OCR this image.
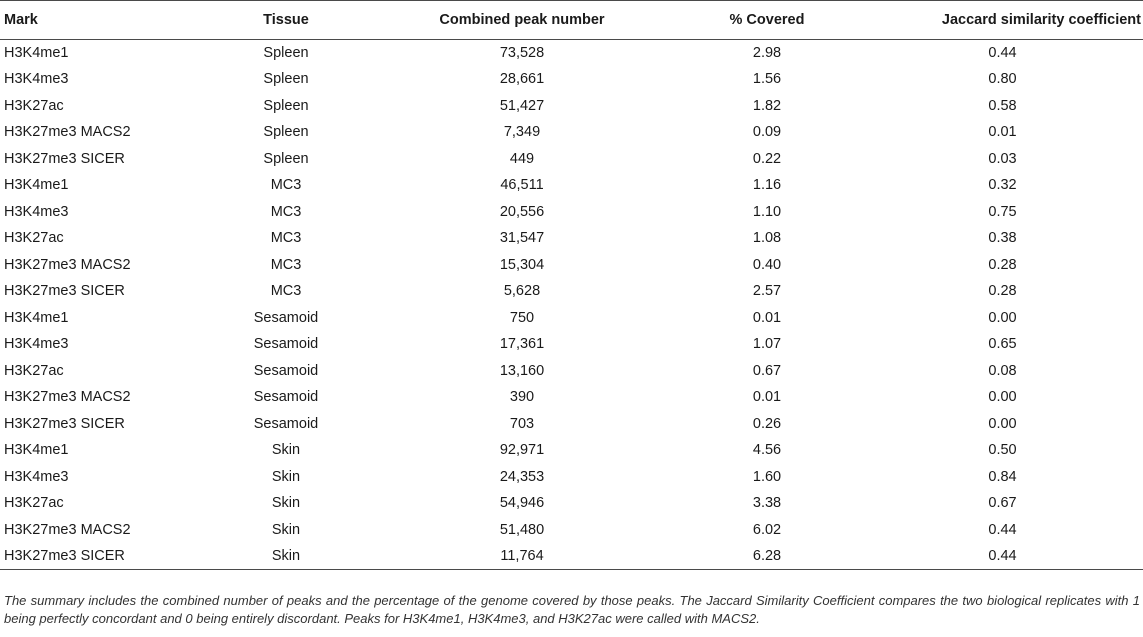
Mark	Tissue	Combined peak number	% Covered	Jaccard similarity coefficient
H3K4me1	Spleen	73,528	2.98	0.44
H3K4me3	Spleen	28,661	1.56	0.80
H3K27ac	Spleen	51,427	1.82	0.58
H3K27me3 MACS2	Spleen	7,349	0.09	0.01
H3K27me3 SICER	Spleen	449	0.22	0.03
H3K4me1	MC3	46,511	1.16	0.32
H3K4me3	MC3	20,556	1.10	0.75
H3K27ac	MC3	31,547	1.08	0.38
H3K27me3 MACS2	MC3	15,304	0.40	0.28
H3K27me3 SICER	MC3	5,628	2.57	0.28
H3K4me1	Sesamoid	750	0.01	0.00
H3K4me3	Sesamoid	17,361	1.07	0.65
H3K27ac	Sesamoid	13,160	0.67	0.08
H3K27me3 MACS2	Sesamoid	390	0.01	0.00
H3K27me3 SICER	Sesamoid	703	0.26	0.00
H3K4me1	Skin	92,971	4.56	0.50
H3K4me3	Skin	24,353	1.60	0.84
H3K27ac	Skin	54,946	3.38	0.67
H3K27me3 MACS2	Skin	51,480	6.02	0.44
H3K27me3 SICER	Skin	11,764	6.28	0.44

The summary includes the combined number of peaks and the percentage of the genome covered by those peaks. The Jaccard Similarity Coefficient compares the two biological replicates with 1 being perfectly concordant and 0 being entirely discordant. Peaks for H3K4me1, H3K4me3, and H3K27ac were called with MACS2.
